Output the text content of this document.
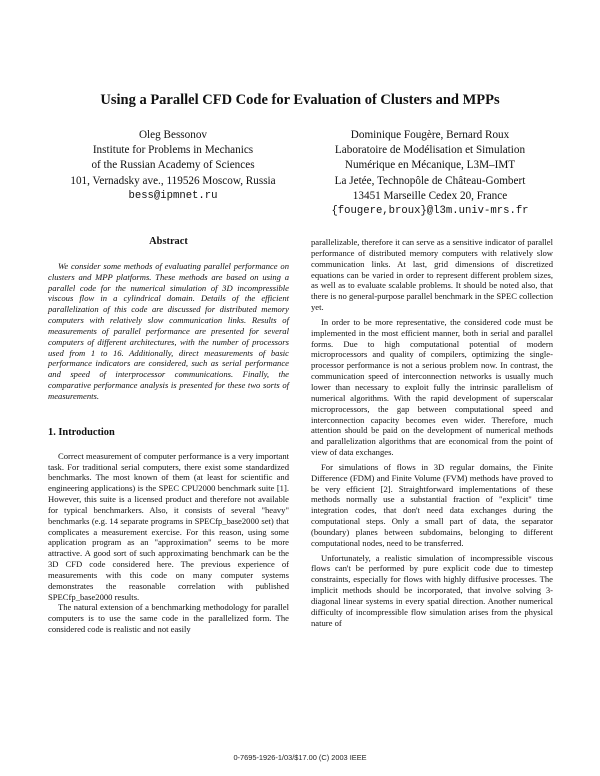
Using a Parallel CFD Code for Evaluation of Clusters and MPPs
Oleg Bessonov
Institute for Problems in Mechanics
of the Russian Academy of Sciences
101, Vernadsky ave., 119526 Moscow, Russia
bess@ipmnet.ru
Dominique Fougère, Bernard Roux
Laboratoire de Modélisation et Simulation
Numérique en Mécanique, L3M–IMT
La Jetée, Technopôle de Château-Gombert
13451 Marseille Cedex 20, France
{fougere,broux}@l3m.univ-mrs.fr
Abstract

We consider some methods of evaluating parallel performance on clusters and MPP platforms. These methods are based on using a parallel code for the numerical simulation of 3D incompressible viscous flow in a cylindrical domain. Details of the efficient parallelization of this code are discussed for distributed memory computers with relatively slow communication links. Results of measurements of parallel performance are presented for several computers of different architectures, with the number of processors used from 1 to 16. Additionally, direct measurements of basic performance indicators are considered, such as serial performance and speed of interprocessor communications. Finally, the comparative performance analysis is presented for these two sorts of measurements.

1. Introduction

Correct measurement of computer performance is a very important task. For traditional serial computers, there exist some standardized benchmarks. The most known of them (at least for scientific and engineering applications) is the SPEC CPU2000 benchmark suite [1]. However, this suite is a licensed product and therefore not available for typical benchmarkers. Also, it consists of several "heavy" benchmarks (e.g. 14 separate programs in SPECfp_base2000 set) that complicates a measurement exercise. For this reason, using some application program as an "approximation" seems to be more attractive. A good sort of such approximating benchmark can be the 3D CFD code considered here. The previous experience of measurements with this code on many computer systems demonstrates the reasonable correlation with published SPECfp_base2000 results.

The natural extension of a benchmarking methodology for parallel computers is to use the same code in the parallelized form. The considered code is realistic and not easily

parallelizable, therefore it can serve as a sensitive indicator of parallel performance of distributed memory computers with relatively slow communication links. At last, grid dimensions of discretized equations can be varied in order to represent different problem sizes, as well as to evaluate scalable problems. It should be noted also, that there is no general-purpose parallel benchmark in the SPEC collection yet.

In order to be more representative, the considered code must be implemented in the most efficient manner, both in serial and parallel forms. Due to high computational potential of modern microprocessors and quality of compilers, optimizing the single-processor performance is not a serious problem now. In contrast, the communication speed of interconnection networks is usually much lower than necessary to exploit fully the intrinsic parallelism of numerical algorithms. With the rapid development of superscalar microprocessors, the gap between computational speed and interconnection capacity becomes even wider. Therefore, much attention should be paid on the development of numerical methods and parallelization algorithms that are economical from the point of view of data exchanges.

For simulations of flows in 3D regular domains, the Finite Difference (FDM) and Finite Volume (FVM) methods have proved to be very efficient [2]. Straightforward implementations of these methods normally use a substantial fraction of "explicit" time integration codes, that don't need data exchanges during the computational steps. Only a small part of data, the separator (boundary) planes between subdomains, belonging to different computational nodes, need to be transferred.

Unfortunately, a realistic simulation of incompressible viscous flows can't be performed by pure explicit code due to timestep constraints, especially for flows with highly diffusive processes. The implicit methods should be incorporated, that involve solving 3-diagonal linear systems in every spatial direction. Another numerical difficulty of incompressible flow simulation arises from the physical nature of

0-7695-1926-1/03/$17.00 (C) 2003 IEEE
